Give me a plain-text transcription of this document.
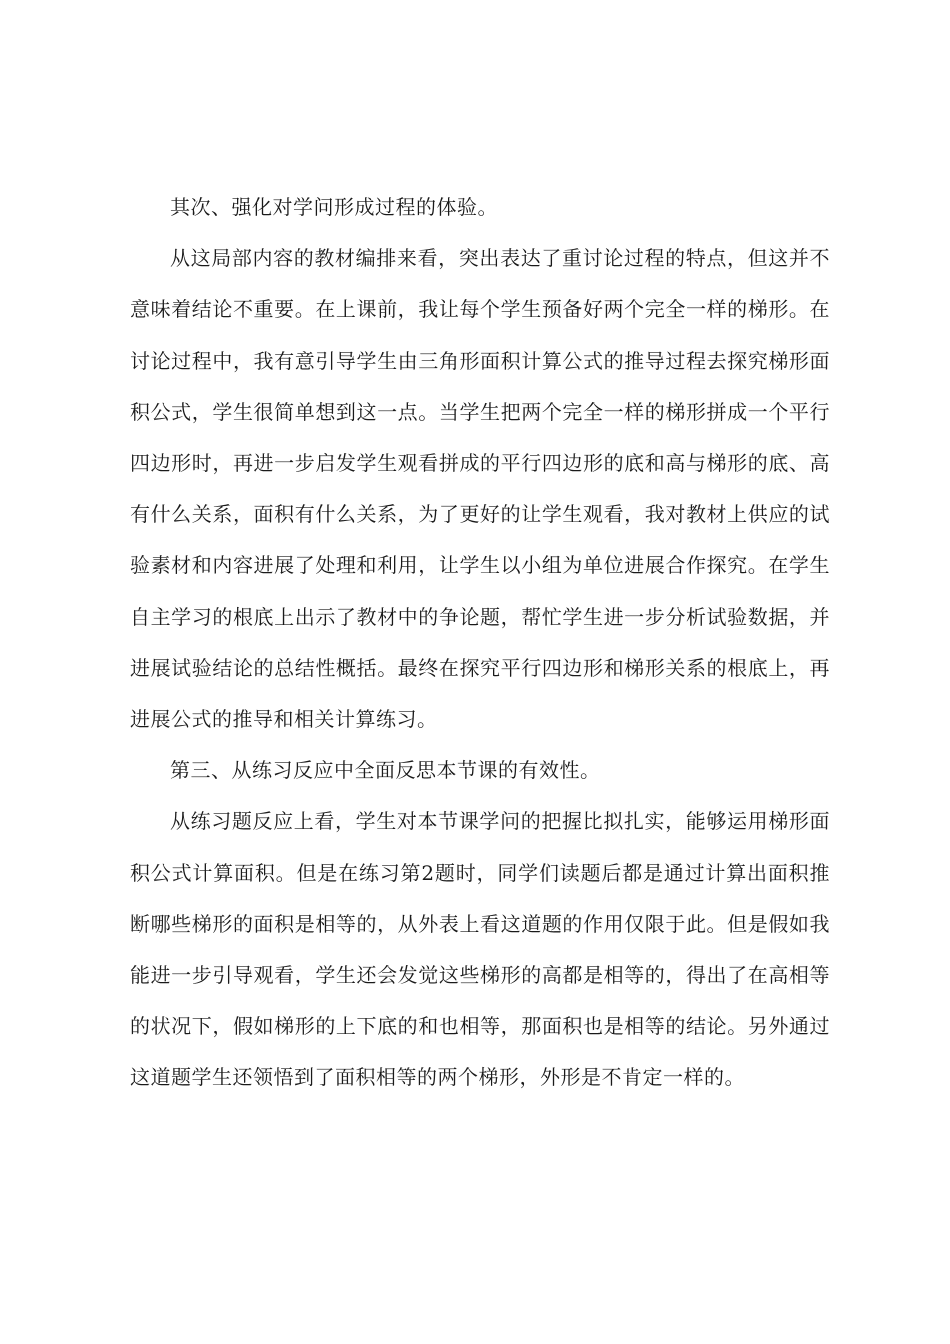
其次、强化对学问形成过程的体验。

从这局部内容的教材编排来看，突出表达了重讨论过程的特点，但这并不意味着结论不重要。在上课前，我让每个学生预备好两个完全一样的梯形。在讨论过程中，我有意引导学生由三角形面积计算公式的推导过程去探究梯形面积公式，学生很简单想到这一点。当学生把两个完全一样的梯形拼成一个平行四边形时，再进一步启发学生观看拼成的平行四边形的底和高与梯形的底、高有什么关系，面积有什么关系，为了更好的让学生观看，我对教材上供应的试验素材和内容进展了处理和利用，让学生以小组为单位进展合作探究。在学生自主学习的根底上出示了教材中的争论题，帮忙学生进一步分析试验数据，并进展试验结论的总结性概括。最终在探究平行四边形和梯形关系的根底上，再进展公式的推导和相关计算练习。

第三、从练习反应中全面反思本节课的有效性。

从练习题反应上看，学生对本节课学问的把握比拟扎实，能够运用梯形面积公式计算面积。但是在练习第2题时，同学们读题后都是通过计算出面积推断哪些梯形的面积是相等的，从外表上看这道题的作用仅限于此。但是假如我能进一步引导观看，学生还会发觉这些梯形的高都是相等的，得出了在高相等的状况下，假如梯形的上下底的和也相等，那面积也是相等的结论。另外通过这道题学生还领悟到了面积相等的两个梯形，外形是不肯定一样的。
